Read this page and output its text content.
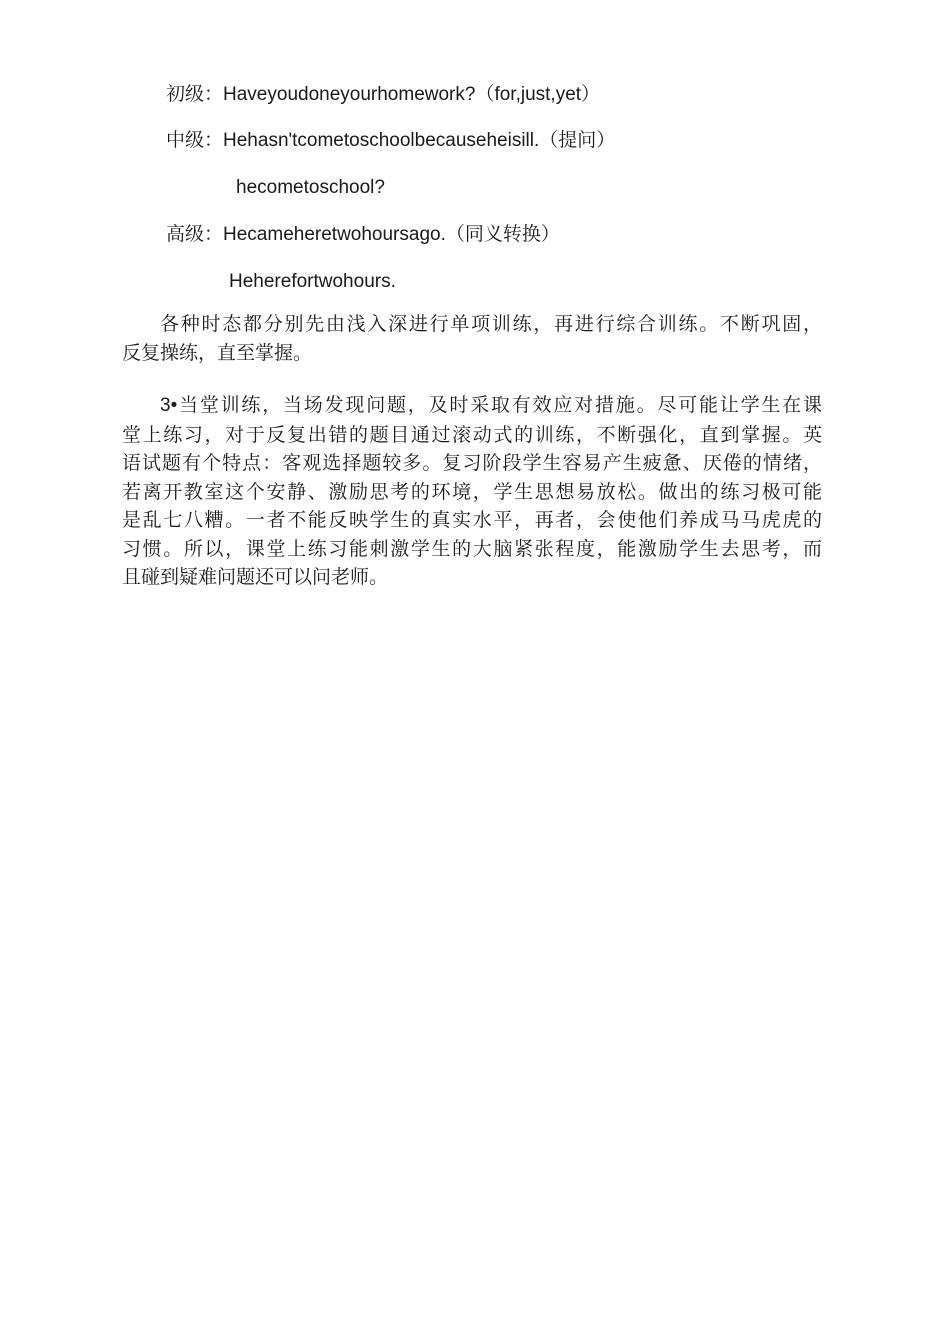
初级：Haveyoudoneyourhomework?（for,just,yet）
中级：Hehasn'tcometoschoolbecauseheisill.（提问）
hecometoschool?
高级：Hecameheretwohoursago.（同义转换）
Heherefortwohours.
各种时态都分别先由浅入深进行单项训练，再进行综合训练。不断巩固，
反复操练，直至掌握。
3•当堂训练，当场发现问题，及时采取有效应对措施。尽可能让学生在课
堂上练习，对于反复出错的题目通过滚动式的训练，不断强化，直到掌握。英
语试题有个特点：客观选择题较多。复习阶段学生容易产生疲惫、厌倦的情绪，
若离开教室这个安静、激励思考的环境，学生思想易放松。做出的练习极可能
是乱七八糟。一者不能反映学生的真实水平，再者，会使他们养成马马虎虎的
习惯。所以，课堂上练习能刺激学生的大脑紧张程度，能激励学生去思考，而
且碰到疑难问题还可以问老师。
